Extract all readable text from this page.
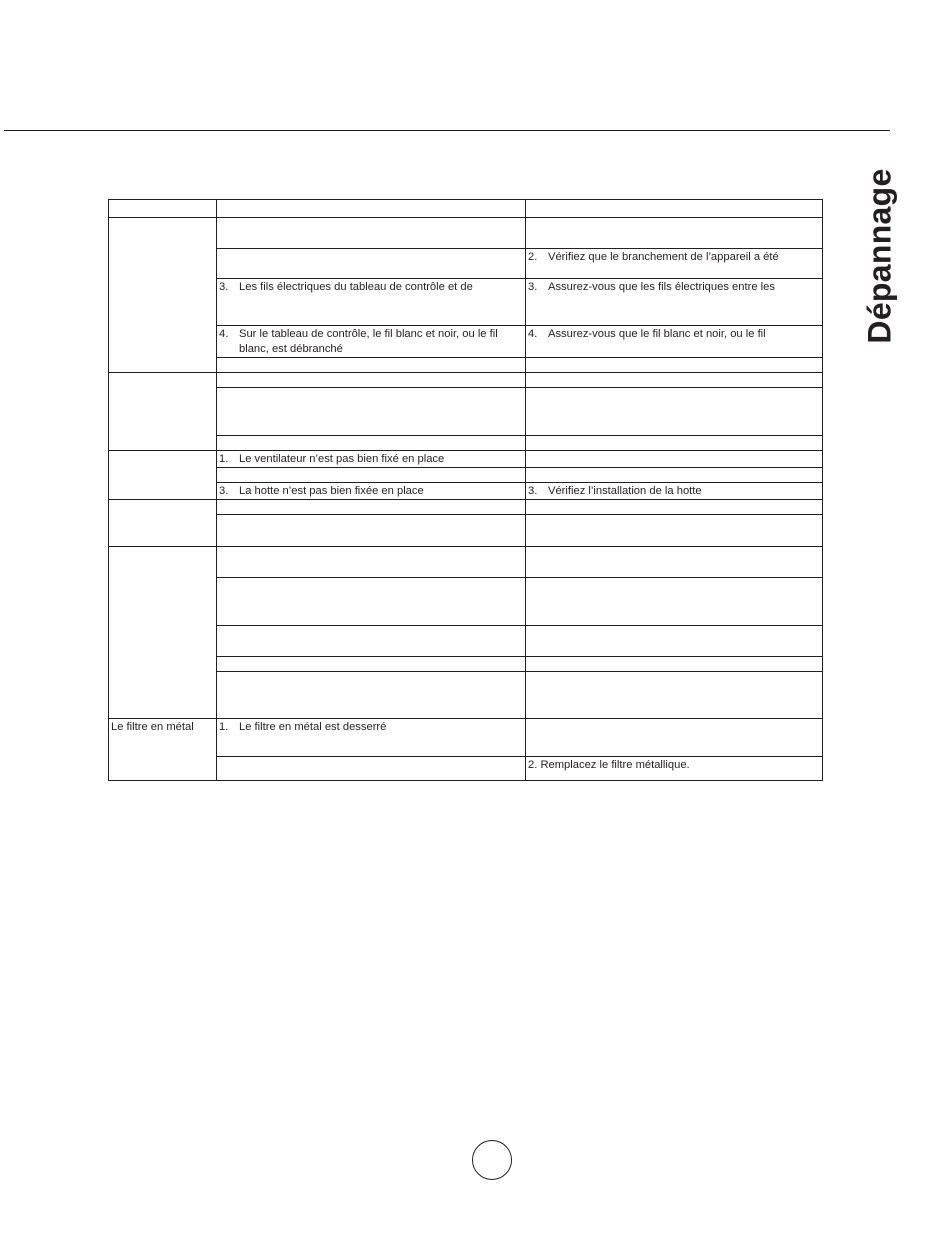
Dépannage

		2. Vérifiez que le branchement de l’appareil a été

	3. Les fils électriques du tableau de contrôle et de	3. Assurez-vous que les fils électriques entre les

	4. Sur le tableau de contrôle, le fil blanc et noir, ou le fil blanc, est débranché	4. Assurez-vous que le fil blanc et noir, ou le fil

	1. Le ventilateur n’est pas bien fixé en place	

	3. La hotte n’est pas bien fixée en place	3. Vérifiez l’installation de la hotte

Le filtre en métal	1. Le filtre en métal est desserré	

		2. Remplacez le filtre métallique.
